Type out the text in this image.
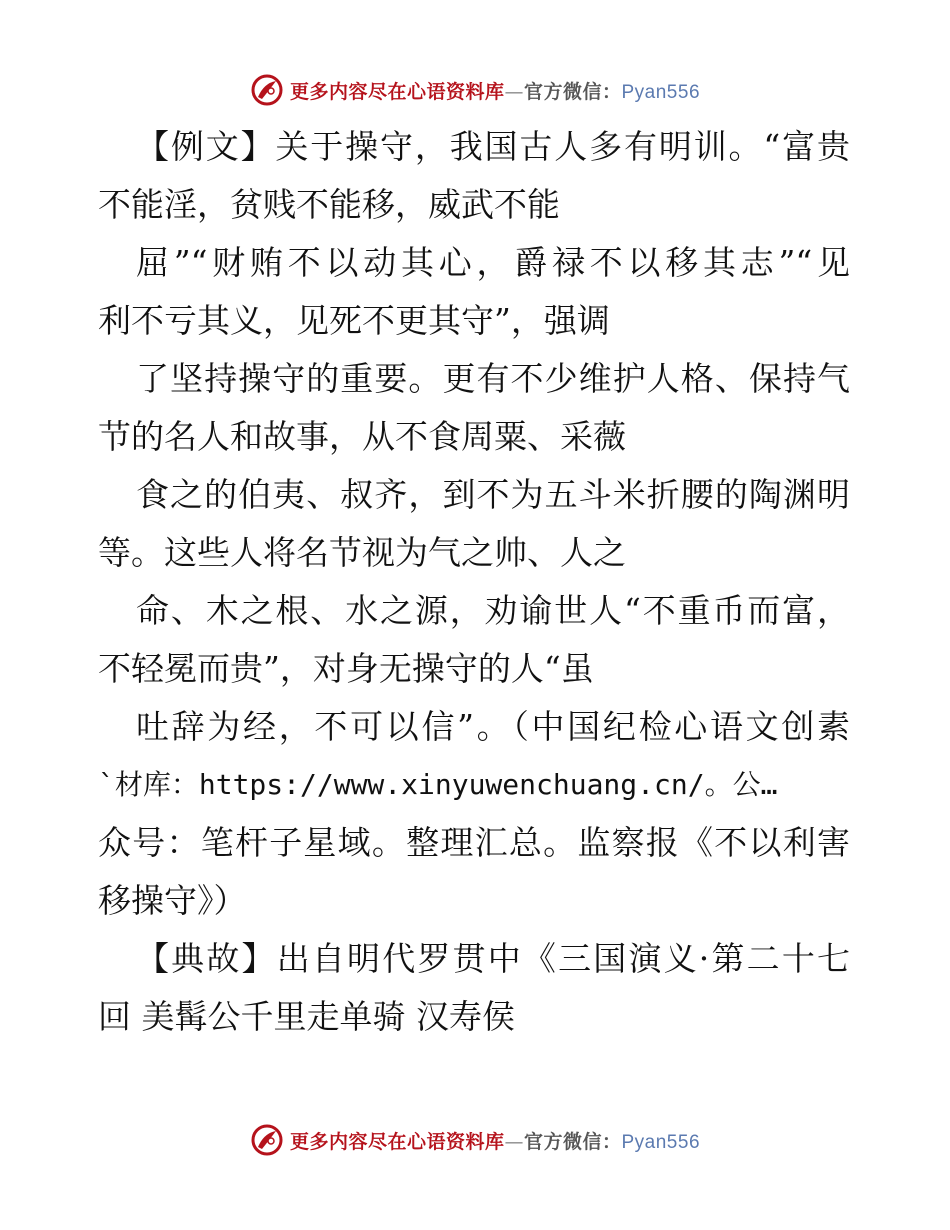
更多内容尽在心语资料库—官方微信：Pyan556
【例文】关于操守，我国古人多有明训。“富贵
不能淫，贫贱不能移，威武不能
屈”“财贿不以动其心，爵禄不以移其志”“见
利不亏其义，见死不更其守”，强调
了坚持操守的重要。更有不少维护人格、保持气
节的名人和故事，从不食周粟、采薇
食之的伯夷、叔齐，到不为五斗米折腰的陶渊明
等。这些人将名节视为气之帅、人之
命、木之根、水之源，劝谕世人“不重币而富，
不轻冕而贵”，对身无操守的人“虽
吐辞为经，不可以信”。（中国纪检心语文创素
`材库：https://www.xinyuwenchuang.cn/。公…
众号：笔杆子星域。整理汇总。监察报《不以利害
移操守》）
【典故】出自明代罗贯中《三国演义·第二十七
回 美髯公千里走单骑 汉寿侯
更多内容尽在心语资料库—官方微信：Pyan556
